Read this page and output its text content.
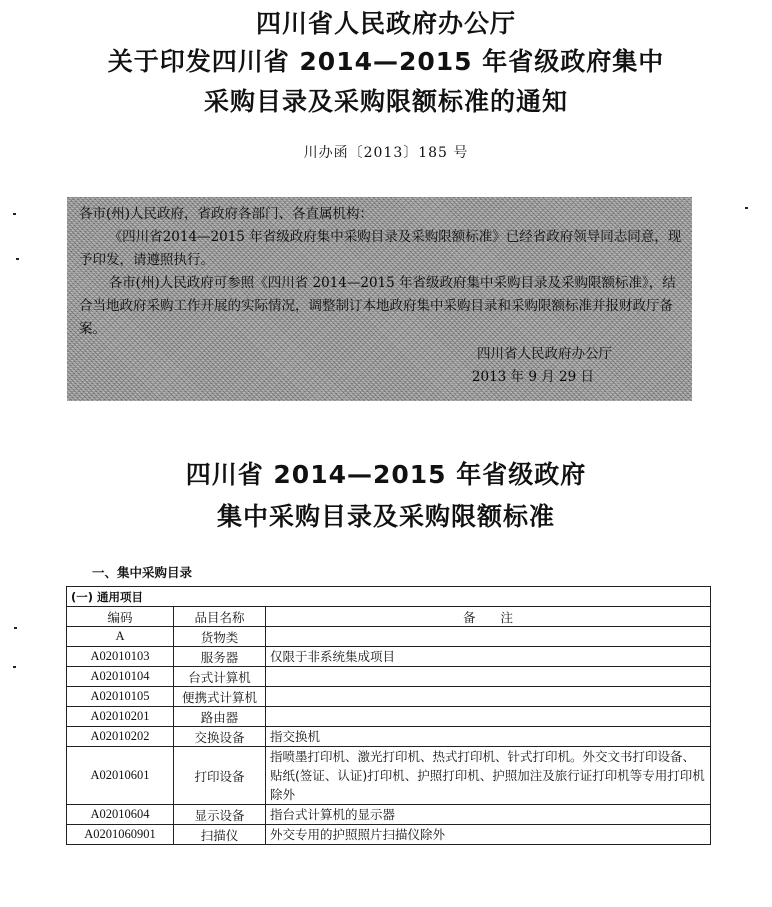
四川省人民政府办公厅
关于印发四川省 2014—2015 年省级政府集中
采购目录及采购限额标准的通知
川办函〔2013〕185 号

各市(州)人民政府，省政府各部门、各直属机构：

《四川省2014—2015 年省级政府集中采购目录及采购限额标准》已经省政府领导同志同意，现予印发，请遵照执行。

各市(州)人民政府可参照《四川省 2014—2015 年省级政府集中采购目录及采购限额标准》，结合当地政府采购工作开展的实际情况，调整制订本地政府集中采购目录和采购限额标准并报财政厅备案。

四川省人民政府办公厅

2013 年 9 月 29 日

四川省 2014—2015 年省级政府
集中采购目录及采购限额标准
一、集中采购目录
(一) 通用项目		
编码	品目名称	备　　注
A	货物类	
A02010103	服务器	仅限于非系统集成项目
A02010104	台式计算机	
A02010105	便携式计算机	
A02010201	路由器	
A02010202	交换设备	指交换机
A02010601	打印设备	指喷墨打印机、激光打印机、热式打印机、针式打印机。外交文书打印设备、贴纸(签证、认证)打印机、护照打印机、护照加注及旅行证打印机等专用打印机除外
A02010604	显示设备	指台式计算机的显示器
A0201060901	扫描仪	外交专用的护照照片扫描仪除外
